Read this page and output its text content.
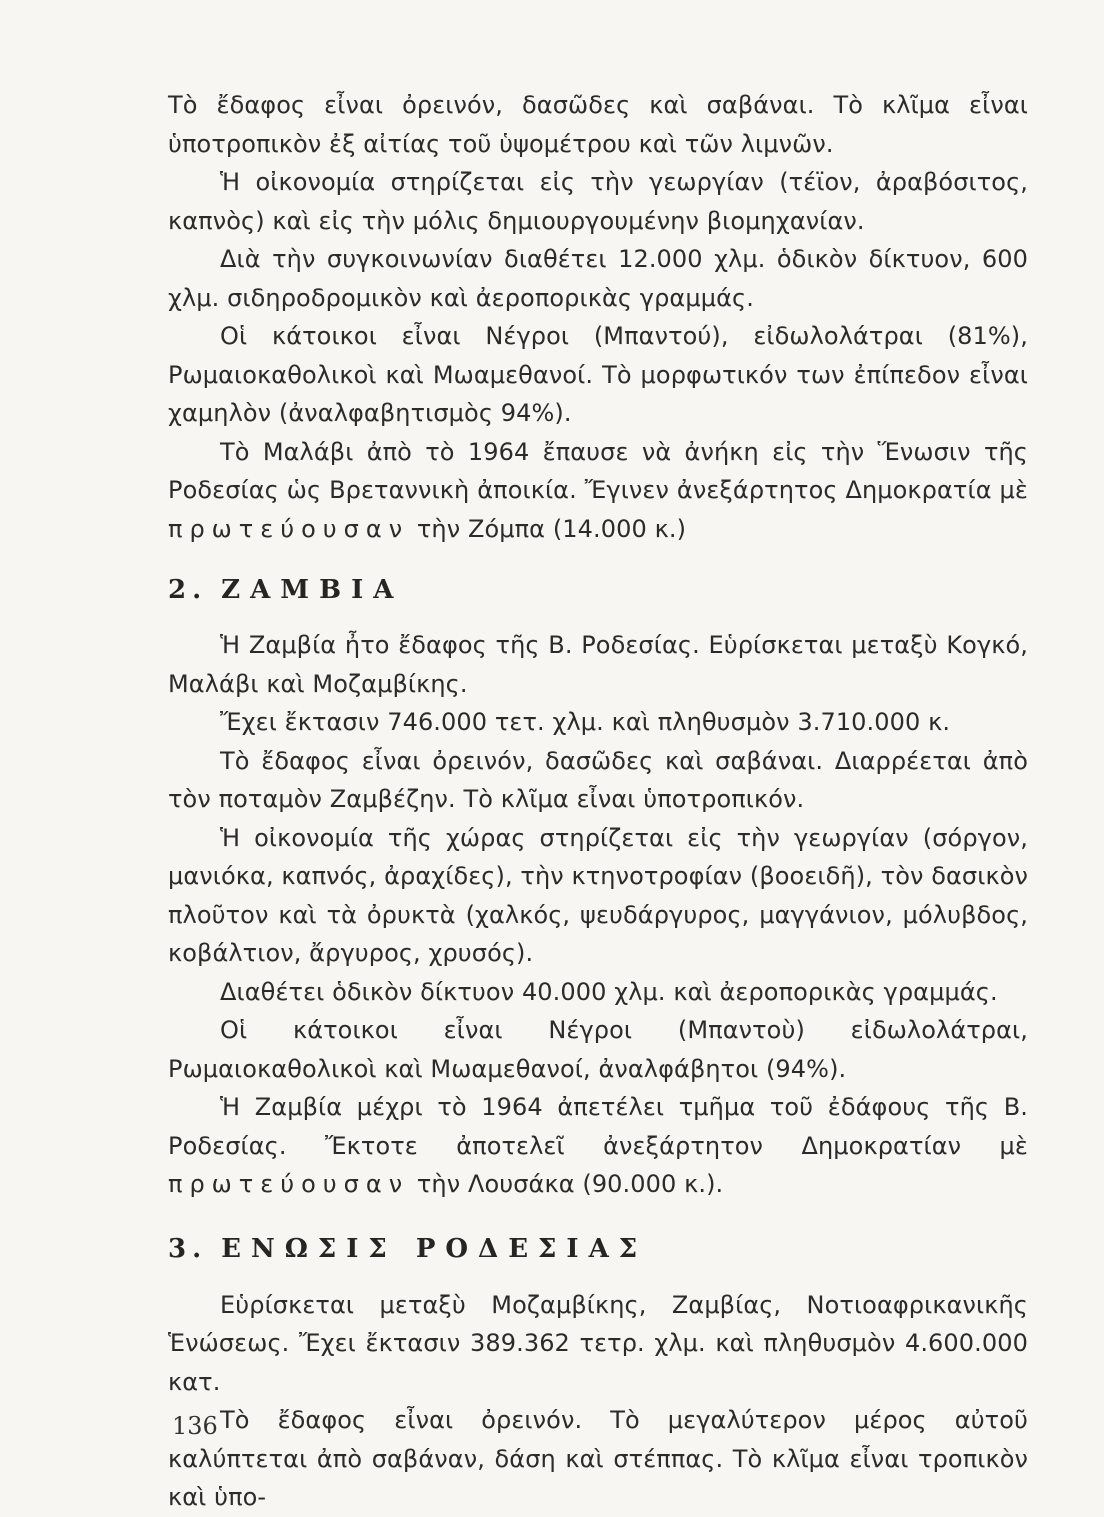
Τὸ ἔδαφος εἶναι ὀρεινόν, δασῶδες καὶ σαβάναι. Τὸ κλῖμα εἶναι ὑποτροπικὸν ἐξ αἰτίας τοῦ ὑψομέτρου καὶ τῶν λιμνῶν.

Ἡ οἰκονομία στηρίζεται εἰς τὴν γεωργίαν (τέϊον, ἀραβόσιτος, καπνὸς) καὶ εἰς τὴν μόλις δημιουργουμένην βιομηχανίαν.

Διὰ τὴν συγκοινωνίαν διαθέτει 12.000 χλμ. ὁδικὸν δίκτυον, 600 χλμ. σιδηροδρομικὸν καὶ ἀεροπορικὰς γραμμάς.

Οἱ κάτοικοι εἶναι Νέγροι (Μπαντού), εἰδωλολάτραι (81%), Ρωμαιοκαθολικοὶ καὶ Μωαμεθανοί. Τὸ μορφωτικόν των ἐπίπεδον εἶναι χαμηλὸν (ἀναλφαβητισμὸς 94%).

Τὸ Μαλάβι ἀπὸ τὸ 1964 ἔπαυσε νὰ ἀνήκη εἰς τὴν Ἕνωσιν τῆς Ροδεσίας ὡς Βρεταννικὴ ἀποικία. Ἔγινεν ἀνεξάρτητος Δημοκρατία μὲ πρωτεύουσαν τὴν Ζόμπα (14.000 κ.)

2. ΖΑΜΒΙΑ

Ἡ Ζαμβία ἦτο ἔδαφος τῆς Β. Ροδεσίας. Εὑρίσκεται μεταξὺ Κογκό, Μαλάβι καὶ Μοζαμβίκης.

Ἔχει ἔκτασιν 746.000 τετ. χλμ. καὶ πληθυσμὸν 3.710.000 κ.

Τὸ ἔδαφος εἶναι ὀρεινόν, δασῶδες καὶ σαβάναι. Διαρρέεται ἀπὸ τὸν ποταμὸν Ζαμβέζην. Τὸ κλῖμα εἶναι ὑποτροπικόν.

Ἡ οἰκονομία τῆς χώρας στηρίζεται εἰς τὴν γεωργίαν (σόργον, μανιόκα, καπνός, ἀραχίδες), τὴν κτηνοτροφίαν (βοοειδῆ), τὸν δασικὸν πλοῦτον καὶ τὰ ὀρυκτὰ (χαλκός, ψευδάργυρος, μαγγάνιον, μόλυβδος, κοβάλτιον, ἄργυρος, χρυσός).

Διαθέτει ὁδικὸν δίκτυον 40.000 χλμ. καὶ ἀεροπορικὰς γραμμάς.

Οἱ κάτοικοι εἶναι Νέγροι (Μπαντοὺ) εἰδωλολάτραι, Ρωμαιοκαθολικοὶ καὶ Μωαμεθανοί, ἀναλφάβητοι (94%).

Ἡ Ζαμβία μέχρι τὸ 1964 ἀπετέλει τμῆμα τοῦ ἐδάφους τῆς Β. Ροδεσίας. Ἔκτοτε ἀποτελεῖ ἀνεξάρτητον Δημοκρατίαν μὲ πρωτεύουσαν τὴν Λουσάκα (90.000 κ.).

3. ΕΝΩΣΙΣ ΡΟΔΕΣΙΑΣ

Εὑρίσκεται μεταξὺ Μοζαμβίκης, Ζαμβίας, Νοτιοαφρικανικῆς Ἑνώσεως. Ἔχει ἔκτασιν 389.362 τετρ. χλμ. καὶ πληθυσμὸν 4.600.000 κατ.

Τὸ ἔδαφος εἶναι ὀρεινόν. Τὸ μεγαλύτερον μέρος αὐτοῦ καλύπτεται ἀπὸ σαβάναν, δάση καὶ στέππας. Τὸ κλῖμα εἶναι τροπικὸν καὶ ὑπο-

136
